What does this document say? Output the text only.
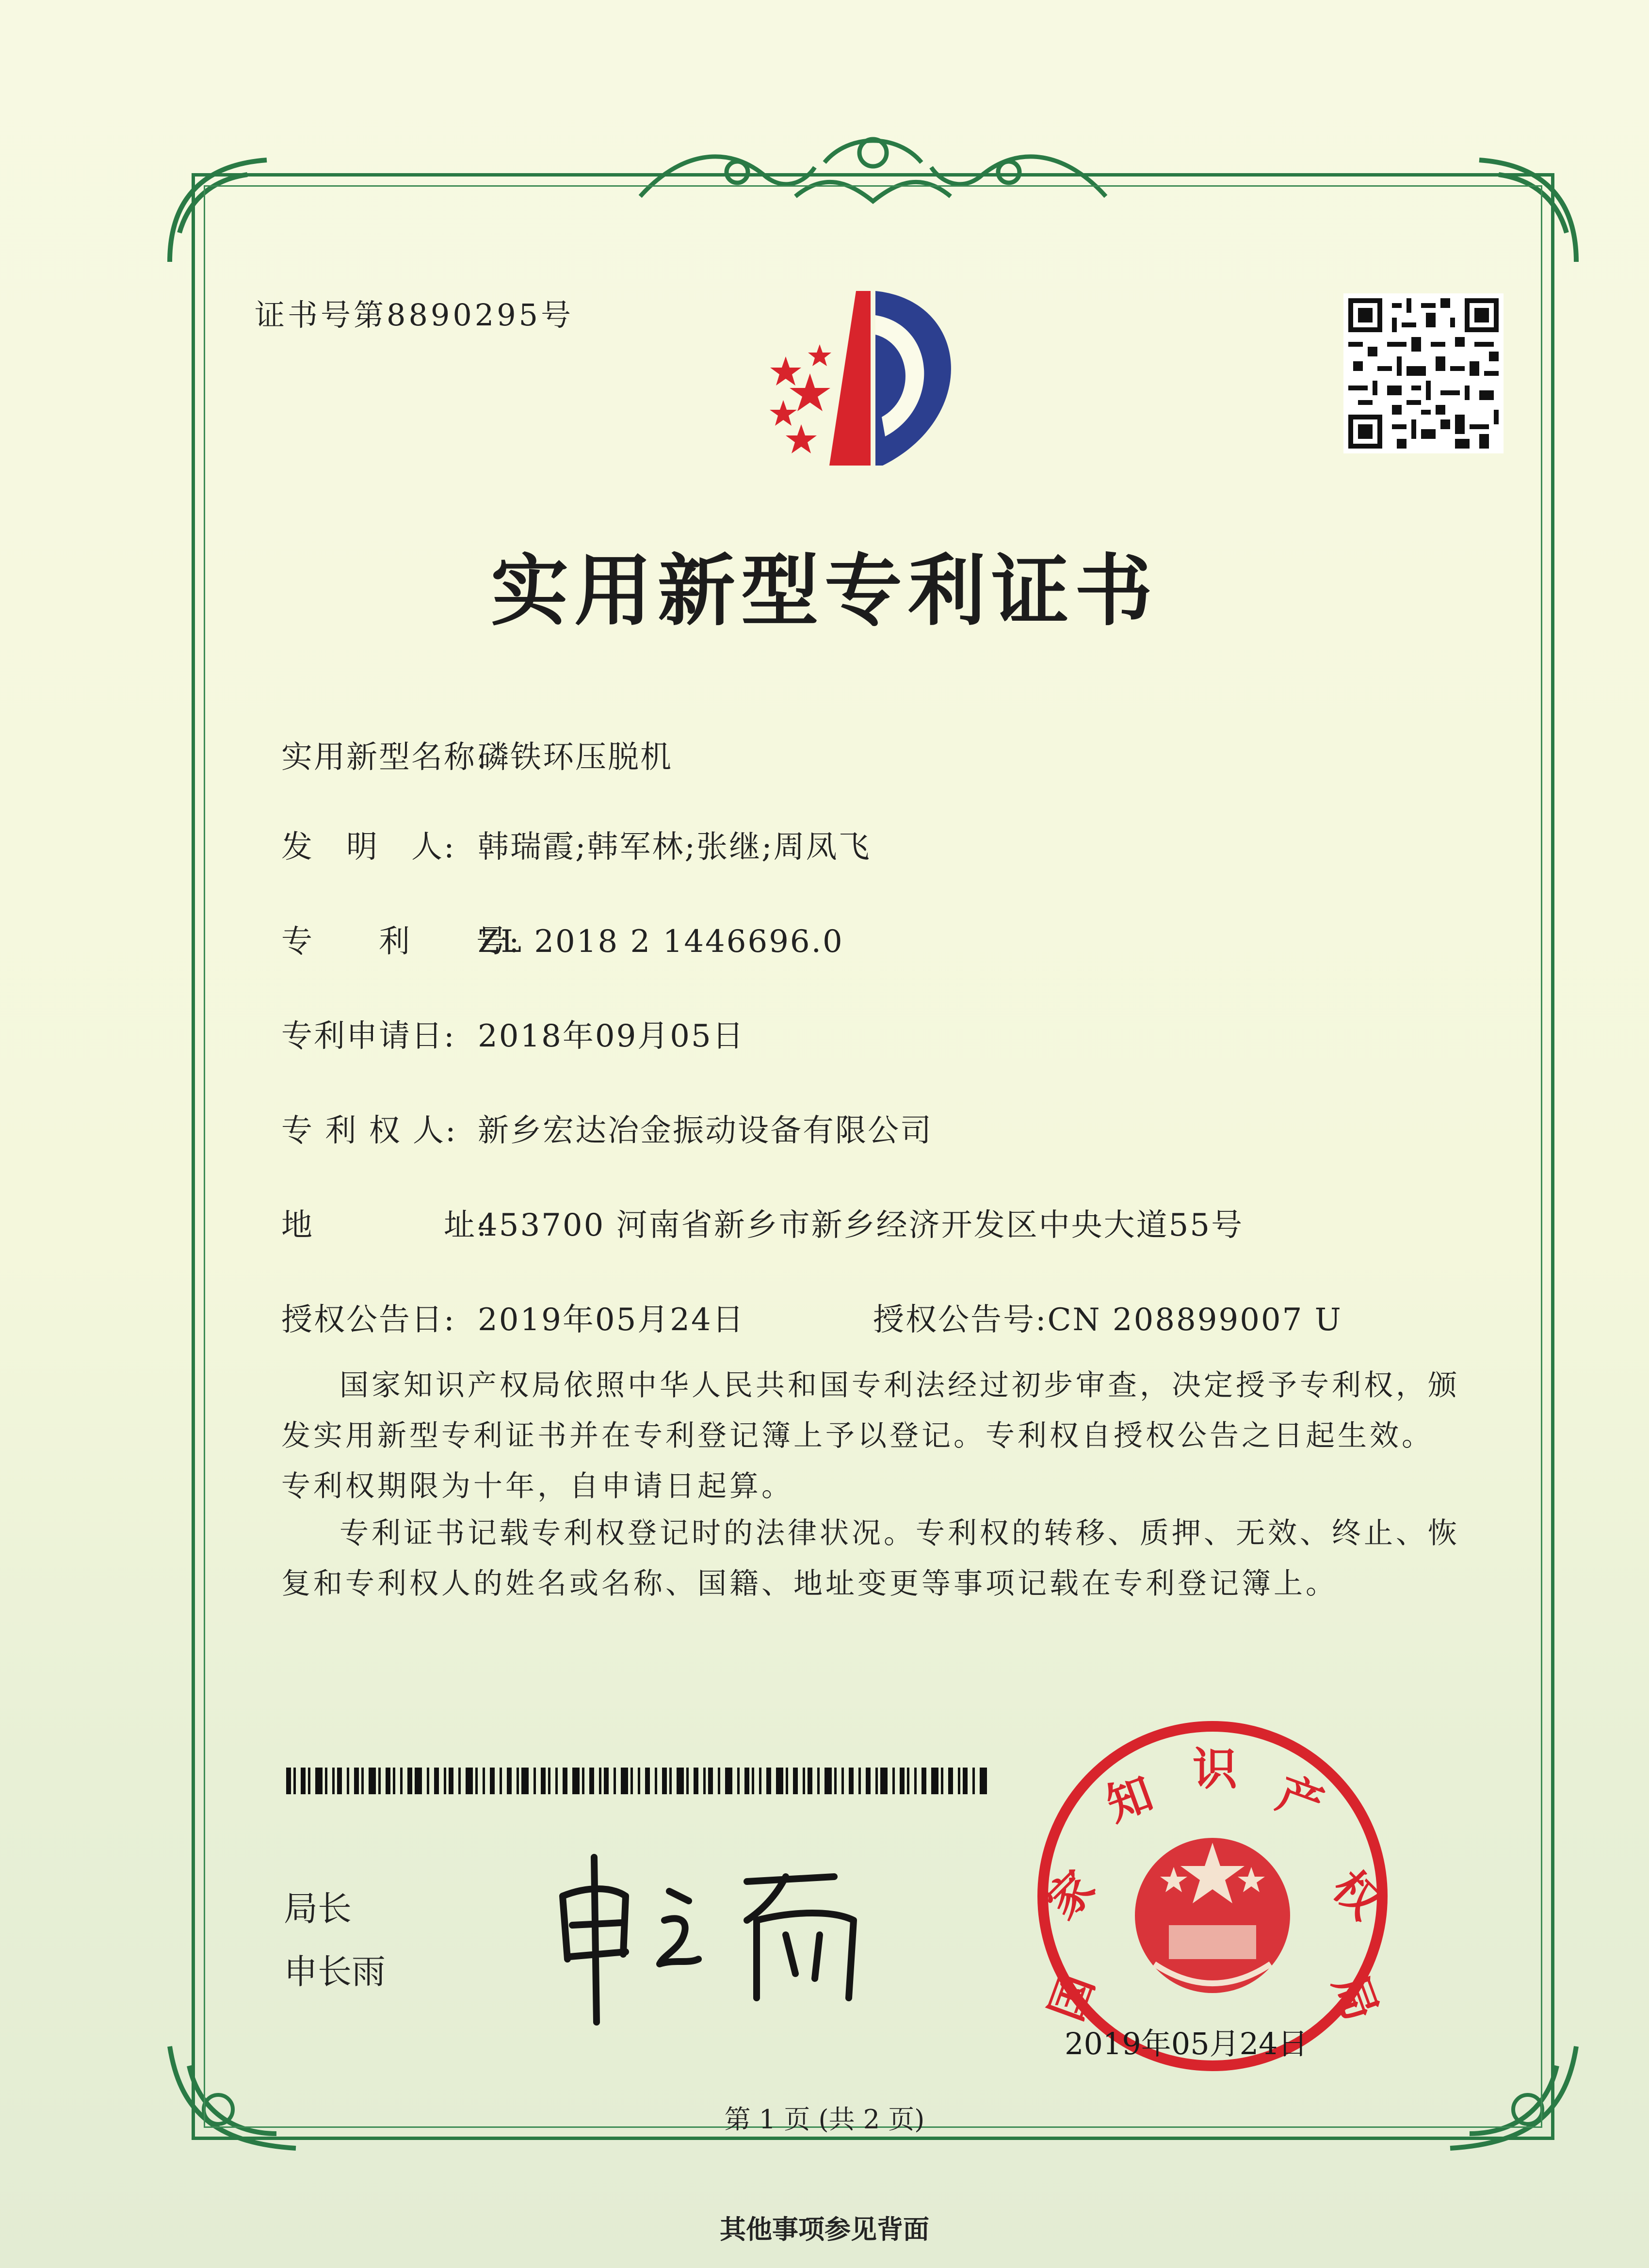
证书号第8890295号
实用新型专利证书
实用新型名称:磷铁环压脱机
发　明　人: 韩瑞霞;韩军林;张继;周凤飞
专　　利　　号:ZL 2018 2 1446696.0
专利申请日: 2018年09月05日
专 利 权 人: 新乡宏达冶金振动设备有限公司
地　　　　址:453700 河南省新乡市新乡经济开发区中央大道55号
授权公告日: 2019年05月24日	授权公告号:CN 208899007 U
国家知识产权局依照中华人民共和国专利法经过初步审查，决定授予专利权，颁发实用新型专利证书并在专利登记簿上予以登记。专利权自授权公告之日起生效。专利权期限为十年，自申请日起算。
专利证书记载专利权登记时的法律状况。专利权的转移、质押、无效、终止、恢复和专利权人的姓名或名称、国籍、地址变更等事项记载在专利登记簿上。
局长
申长雨	国
家
知 识 产
权
局
2019年05月24日
第 1 页 (共 2 页)
其他事项参见背面
